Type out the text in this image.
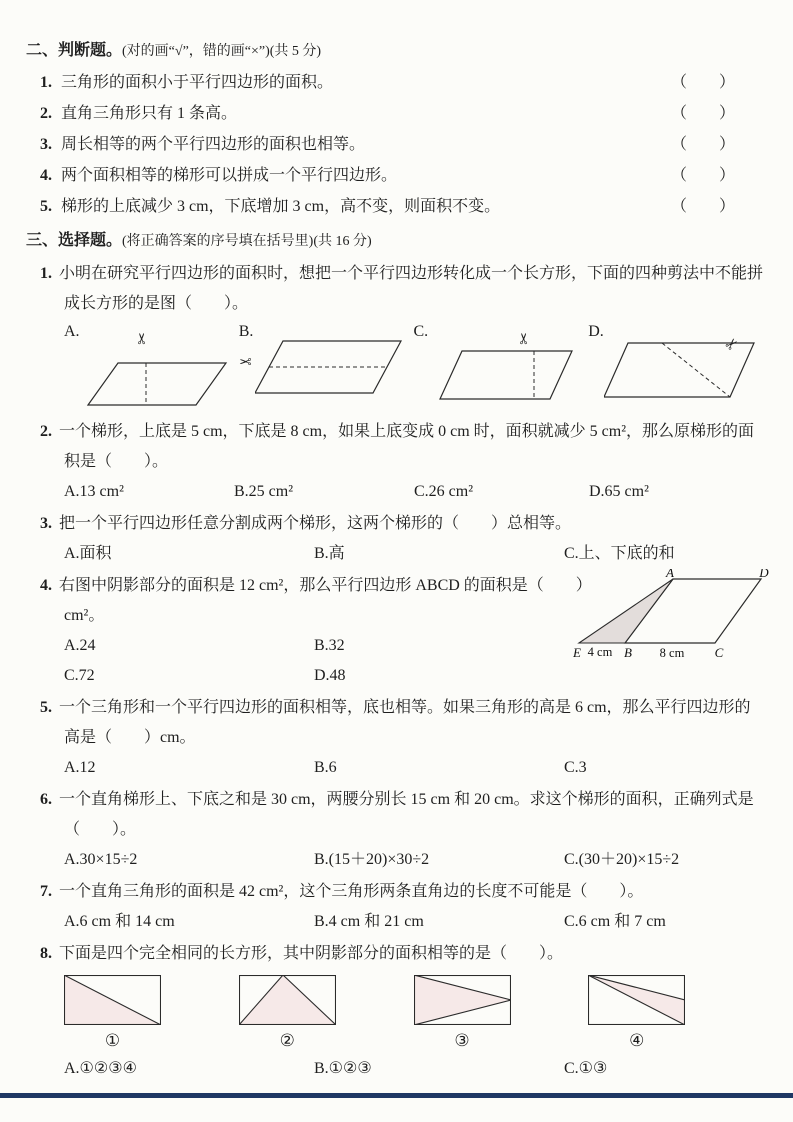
二、判断题。(对的画“√”，错的画“×”)(共 5 分)
1. 三角形的面积小于平行四边形的面积。	（　　）
2. 直角三角形只有 1 条高。	（　　）
3. 周长相等的两个平行四边形的面积也相等。	（　　）
4. 两个面积相等的梯形可以拼成一个平行四边形。	（　　）
5. 梯形的上底减少 3 cm，下底增加 3 cm，高不变，则面积不变。	（　　）
三、选择题。(将正确答案的序号填在括号里)(共 16 分)
1. 小明在研究平行四边形的面积时，想把一个平行四边形转化成一个长方形，下面的四种剪法中不能拼成长方形的是图（　　）。
A.	✂	B.
✂
C.	✂	D.
✂
2. 一个梯形，上底是 5 cm，下底是 8 cm，如果上底变成 0 cm 时，面积就减少 5 cm²，那么原梯形的面积是（　　）。
A.13 cm²	B.25 cm²	C.26 cm²	D.65 cm²
3. 把一个平行四边形任意分割成两个梯形，这两个梯形的（　　）总相等。
A.面积	B.高	C.上、下底的和
4. 右图中阴影部分的面积是 12 cm²，那么平行四边形 ABCD 的面积是（　　）cm²。
A.24	B.32
C.72	D.48
A	D
E	B	C
4 cm	8 cm
5. 一个三角形和一个平行四边形的面积相等，底也相等。如果三角形的高是 6 cm，那么平行四边形的高是（　　）cm。
A.12	B.6	C.3
6. 一个直角梯形上、下底之和是 30 cm，两腰分别长 15 cm 和 20 cm。求这个梯形的面积，正确列式是（　　）。
A.30×15÷2	B.(15＋20)×30÷2	C.(30＋20)×15÷2
7. 一个直角三角形的面积是 42 cm²，这个三角形两条直角边的长度不可能是（　　）。
A.6 cm 和 14 cm	B.4 cm 和 21 cm	C.6 cm 和 7 cm
8. 下面是四个完全相同的长方形，其中阴影部分的面积相等的是（　　）。
①	②	③	④
A.①②③④	B.①②③	C.①③
